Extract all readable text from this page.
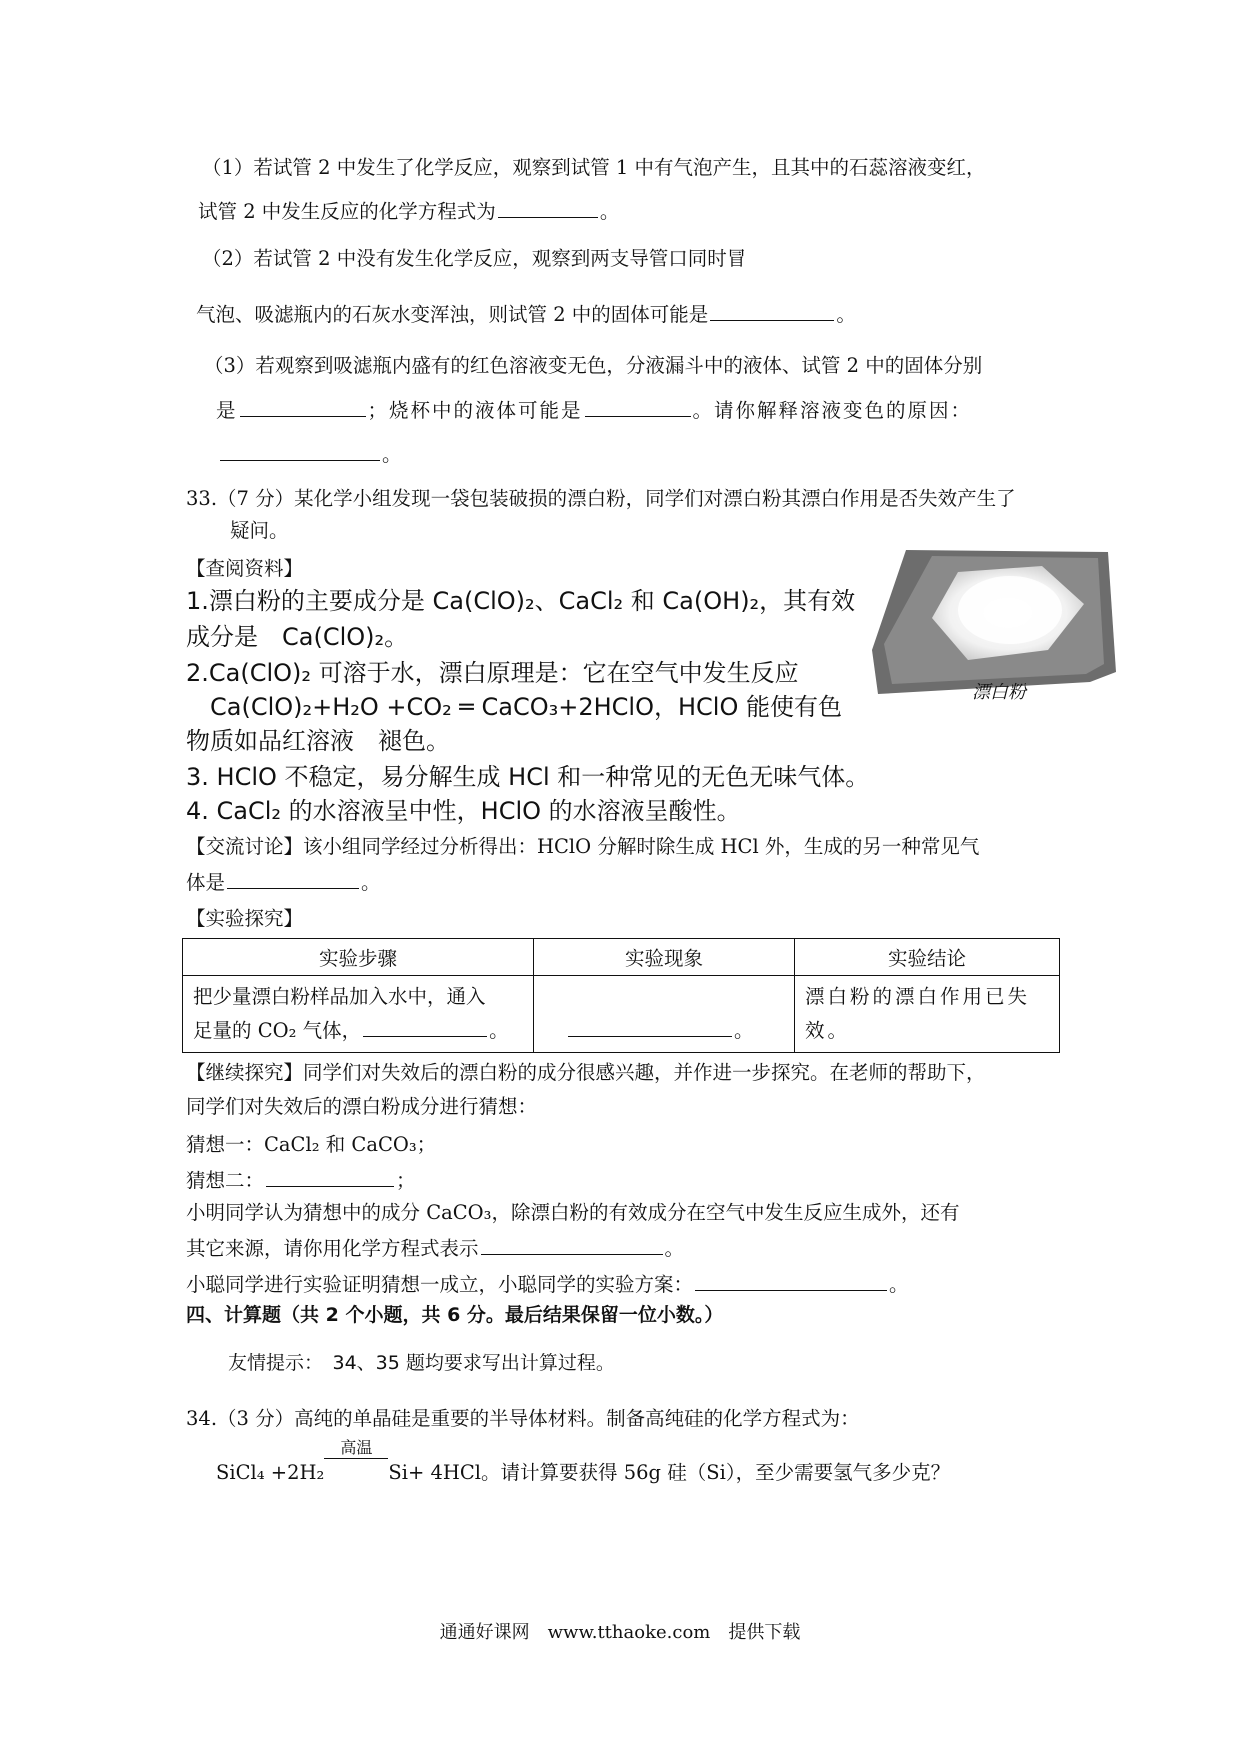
（1）若试管 2 中发生了化学反应，观察到试管 1 中有气泡产生，且其中的石蕊溶液变红，
试管 2 中发生反应的化学方程式为	。
（2）若试管 2 中没有发生化学反应，观察到两支导管口同时冒
气泡、吸滤瓶内的石灰水变浑浊，则试管 2 中的固体可能是	。
（3）若观察到吸滤瓶内盛有的红色溶液变无色，分液漏斗中的液体、试管 2 中的固体分别
是	；烧杯中的液体可能是	。请你解释溶液变色的原因：
。
33.（7 分）某化学小组发现一袋包装破损的漂白粉，同学们对漂白粉其漂白作用是否失效产生了
疑问。
【查阅资料】
1.漂白粉的主要成分是 Ca(ClO)₂、CaCl₂ 和 Ca(OH)₂，其有效
成分是　Ca(ClO)₂。
2.Ca(ClO)₂ 可溶于水，漂白原理是：它在空气中发生反应
Ca(ClO)₂+H₂O +CO₂ ═ CaCO₃+2HClO，HClO 能使有色
物质如品红溶液　褪色。
3. HClO 不稳定，易分解生成 HCl 和一种常见的无色无味气体。
4. CaCl₂ 的水溶液呈中性，HClO 的水溶液呈酸性。
漂白粉
【交流讨论】该小组同学经过分析得出：HClO 分解时除生成 HCl 外，生成的另一种常见气
体是	。
【实验探究】
实验步骤	实验现象	实验结论

把少量漂白粉样品加入水中，通入
足量的 CO₂ 气体， 。	。	漂白粉的漂白作用已失效。
【继续探究】同学们对失效后的漂白粉的成分很感兴趣，并作进一步探究。在老师的帮助下，
同学们对失效后的漂白粉成分进行猜想：
猜想一：CaCl₂ 和 CaCO₃；
猜想二：	；
小明同学认为猜想中的成分 CaCO₃，除漂白粉的有效成分在空气中发生反应生成外，还有
其它来源，请你用化学方程式表示	。
小聪同学进行实验证明猜想一成立，小聪同学的实验方案：	。
四、计算题（共 2 个小题，共 6 分。最后结果保留一位小数。）
友情提示：　34、35 题均要求写出计算过程。
34.（3 分）高纯的单晶硅是重要的半导体材料。制备高纯硅的化学方程式为：
SiCl₄ +2H₂
高温
Si+ 4HCl。请计算要获得 56g 硅（Si），至少需要氢气多少克？
通通好课网　www.tthaoke.com　提供下载
